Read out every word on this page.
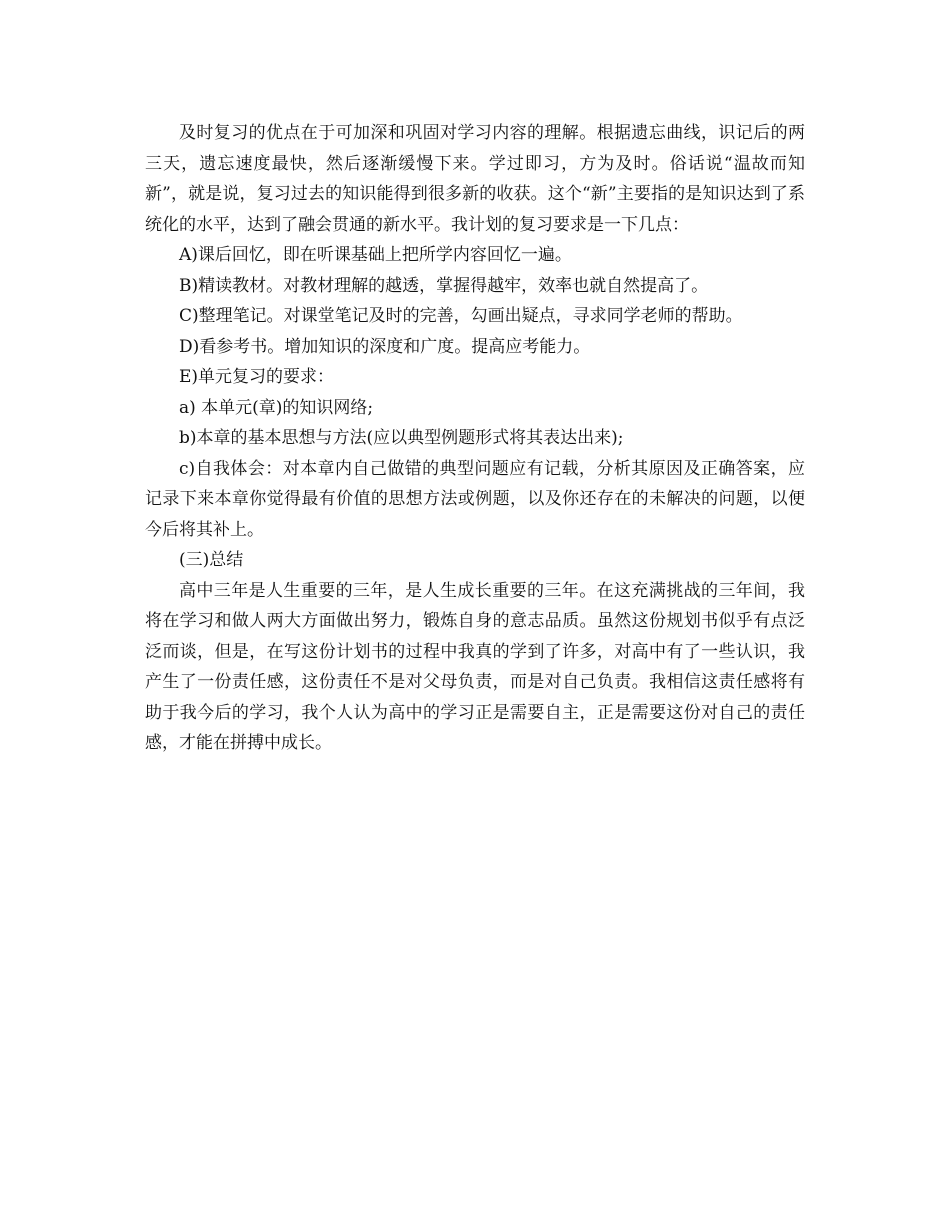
及时复习的优点在于可加深和巩固对学习内容的理解。根据遗忘曲线，识记后的两三天，遗忘速度最快，然后逐渐缓慢下来。学过即习，方为及时。俗话说“温故而知新”，就是说，复习过去的知识能得到很多新的收获。这个“新”主要指的是知识达到了系统化的水平，达到了融会贯通的新水平。我计划的复习要求是一下几点：

A)课后回忆，即在听课基础上把所学内容回忆一遍。

B)精读教材。对教材理解的越透，掌握得越牢，效率也就自然提高了。

C)整理笔记。对课堂笔记及时的完善，勾画出疑点，寻求同学老师的帮助。

D)看参考书。增加知识的深度和广度。提高应考能力。

E)单元复习的要求：

a) 本单元(章)的知识网络;

b)本章的基本思想与方法(应以典型例题形式将其表达出来);

c)自我体会：对本章内自己做错的典型问题应有记载，分析其原因及正确答案，应记录下来本章你觉得最有价值的思想方法或例题，以及你还存在的未解决的问题，以便今后将其补上。

(三)总结

高中三年是人生重要的三年，是人生成长重要的三年。在这充满挑战的三年间，我将在学习和做人两大方面做出努力，锻炼自身的意志品质。虽然这份规划书似乎有点泛泛而谈，但是，在写这份计划书的过程中我真的学到了许多，对高中有了一些认识，我产生了一份责任感，这份责任不是对父母负责，而是对自己负责。我相信这责任感将有助于我今后的学习，我个人认为高中的学习正是需要自主，正是需要这份对自己的责任感，才能在拼搏中成长。
